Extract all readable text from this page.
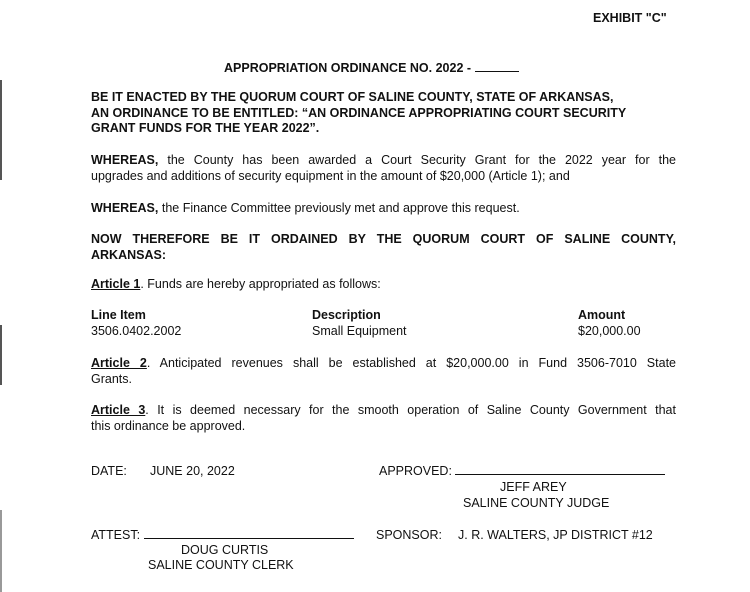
EXHIBIT "C"
APPROPRIATION ORDINANCE NO. 2022 -
BE IT ENACTED BY THE QUORUM COURT OF SALINE COUNTY, STATE OF ARKANSAS,
AN ORDINANCE TO BE ENTITLED: “AN ORDINANCE APPROPRIATING COURT SECURITY
GRANT FUNDS FOR THE YEAR 2022”.
WHEREAS, the County has been awarded a Court Security Grant for the 2022 year for the
upgrades and additions of security equipment in the amount of $20,000 (Article 1); and
WHEREAS, the Finance Committee previously met and approve this request.
NOW THEREFORE BE IT ORDAINED BY THE QUORUM COURT OF SALINE COUNTY,
ARKANSAS:
Article 1. Funds are hereby appropriated as follows:
Line Item	Description	Amount
3506.0402.2002	Small Equipment	$20,000.00
Article 2. Anticipated revenues shall be established at $20,000.00 in Fund 3506-7010 State
Grants.
Article 3. It is deemed necessary for the smooth operation of Saline County Government that
this ordinance be approved.
DATE: JUNE 20, 2022	APPROVED:
JEFF AREY
SALINE COUNTY JUDGE
ATTEST:
DOUG CURTIS
SALINE COUNTY CLERK
SPONSOR: J. R. WALTERS, JP DISTRICT #12
